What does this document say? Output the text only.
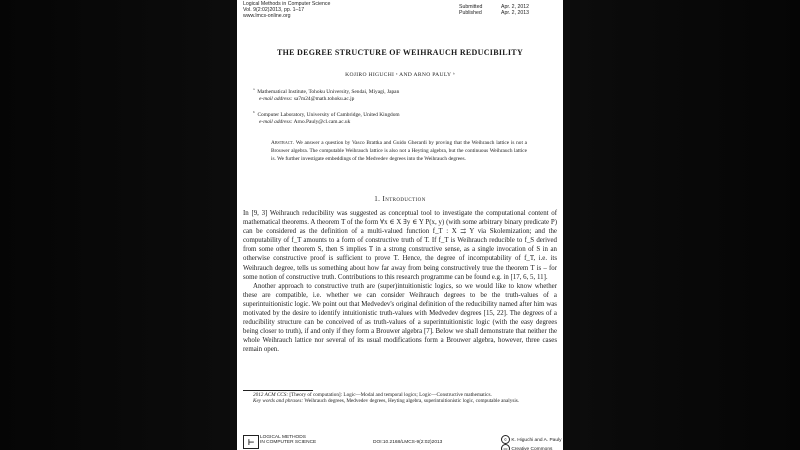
Logical Methods in Computer Science
Vol. 9(2:02)2013, pp. 1–17
www.lmcs-online.org
Submitted	Apr. 2, 2012
Published	Apr. 2, 2013
THE DEGREE STRUCTURE OF WEIHRAUCH REDUCIBILITY
KOJIRO HIGUCHI ᵃ AND ARNO PAULY ᵇ
$^a$ Mathematical Institute, Tohoku University, Sendai, Miyagi, Japan
e-mail address: sa7m24@math.tohoku.ac.jp
$^b$ Computer Laboratory, University of Cambridge, United Kingdom
e-mail address: Arno.Pauly@cl.cam.ac.uk
Abstract. We answer a question by Vasco Brattka and Guido Gherardi by proving that the Weihrauch lattice is not a Brouwer algebra. The computable Weihrauch lattice is also not a Heyting algebra, but the continuous Weihrauch lattice is. We further investigate embeddings of the Medvedev degrees into the Weihrauch degrees.
1. Introduction

In [9, 3] Weihrauch reducibility was suggested as conceptual tool to investigate the computational content of mathematical theorems. A theorem T of the form ∀x ∈ X ∃y ∈ Y P(x, y) (with some arbitrary binary predicate P) can be considered as the definition of a multi-valued function f_T : X ⇉ Y via Skolemization; and the computability of f_T amounts to a form of constructive truth of T. If f_T is Weihrauch reducible to f_S derived from some other theorem S, then S implies T in a strong constructive sense, as a single invocation of S in an otherwise constructive proof is sufficient to prove T. Hence, the degree of incomputability of f_T, i.e. its Weihrauch degree, tells us something about how far away from being constructively true the theorem T is – for some notion of constructive truth. Contributions to this research programme can be found e.g. in [17, 6, 5, 11].

Another approach to constructive truth are (super)intuitionistic logics, so we would like to know whether these are compatible, i.e. whether we can consider Weihrauch degrees to be the truth-values of a superintuitionistic logic. We point out that Medvedev's original definition of the reducibility named after him was motivated by the desire to identify intuitionistic truth-values with Medvedev degrees [15, 22]. The degrees of a reducibility structure can be conceived of as truth-values of a superintuitionistic logic (with the easy degrees being closer to truth), if and only if they form a Brouwer algebra [7]. Below we shall demonstrate that neither the whole Weihrauch lattice nor several of its usual modifications form a Brouwer algebra, however, three cases remain open.

2012 ACM CCS: [Theory of computation]: Logic—Modal and temporal logics; Logic—Constructive mathematics.
Key words and phrases: Weihrauch degrees, Medvedev degrees, Heyting algebra, superintuitionistic logic, computable analysis.
⊢
LOGICAL METHODS
IN COMPUTER SCIENCE	DOI:10.2168/LMCS-9(2:02)2013
© K. Higuchi and A. Pauly
cc Creative Commons
